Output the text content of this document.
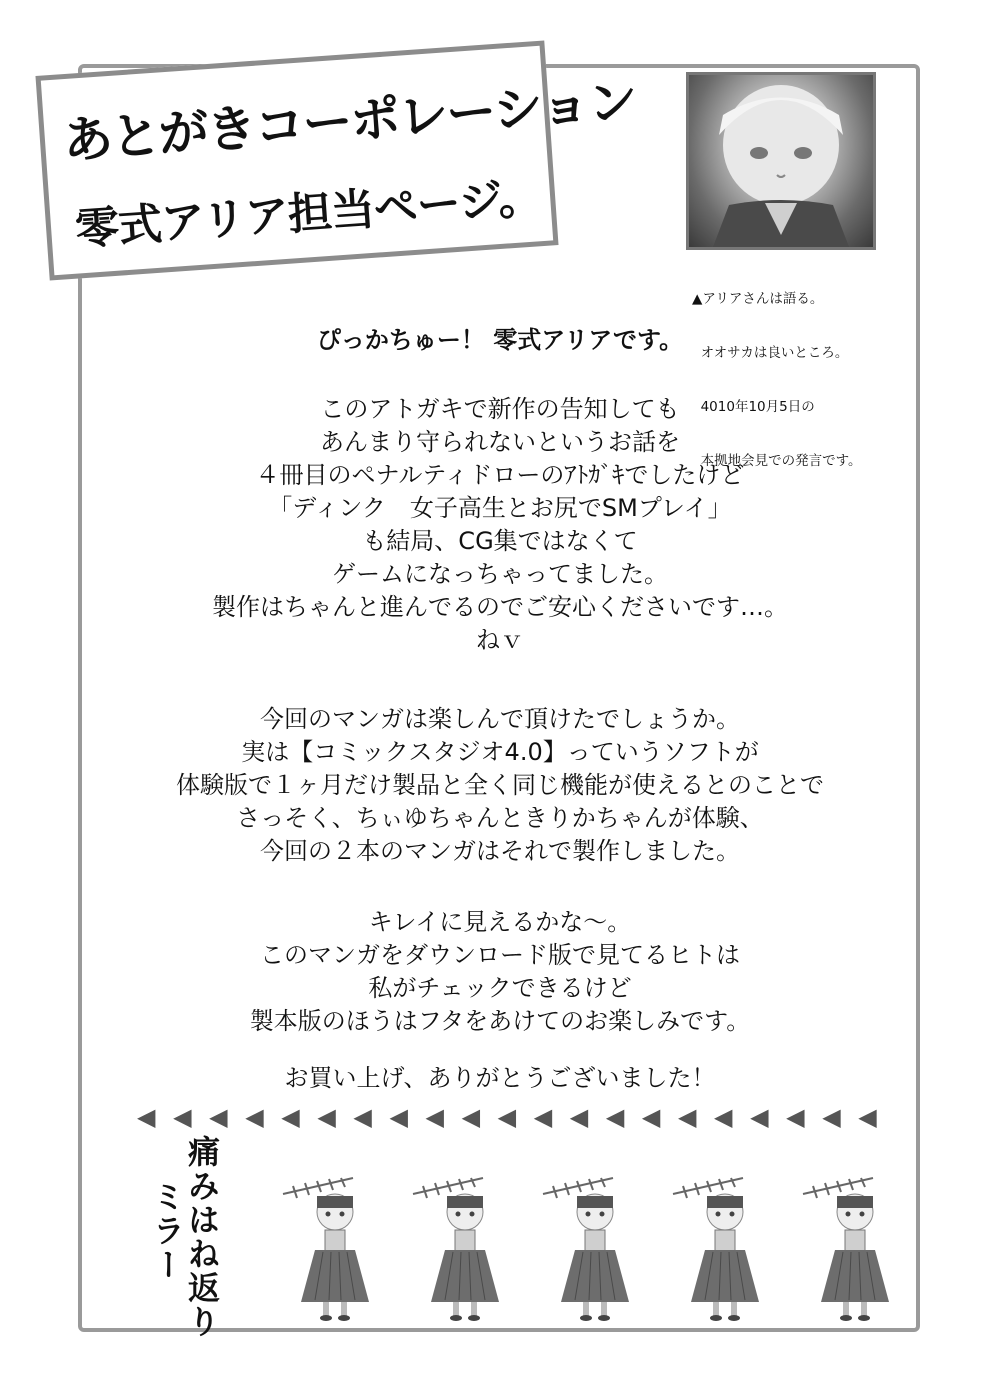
あとがきコーポレーション
零式アリア担当ページ。

▲アリアさんは語る。

オオサカは良いところ。

4010年10月5日の

本拠地会見での発言です。

ぴっかちゅー！ 零式アリアです。
このアトガキで新作の告知しても
あんまり守られないというお話を
４冊目のペナルティドローのｱﾄｶﾞｷでしたけど
「ディンク　女子高生とお尻でSMプレイ」
も結局、CG集ではなくて
ゲームになっちゃってました。
製作はちゃんと進んでるのでご安心くださいです…。
ねｖ
今回のマンガは楽しんで頂けたでしょうか。
実は【コミックスタジオ4.0】っていうソフトが
体験版で１ヶ月だけ製品と全く同じ機能が使えるとのことで
さっそく、ちぃゆちゃんときりかちゃんが体験、
今回の２本のマンガはそれで製作しました。
キレイに見えるかな～。
このマンガをダウンロード版で見てるヒトは
私がチェックできるけど
製本版のほうはフタをあけてのお楽しみです。
お買い上げ、ありがとうございました！
◀ ◀ ◀ ◀ ◀ ◀ ◀ ◀ ◀ ◀ ◀ ◀ ◀ ◀ ◀ ◀ ◀ ◀ ◀ ◀ ◀
痛みはね返り
ミラー
